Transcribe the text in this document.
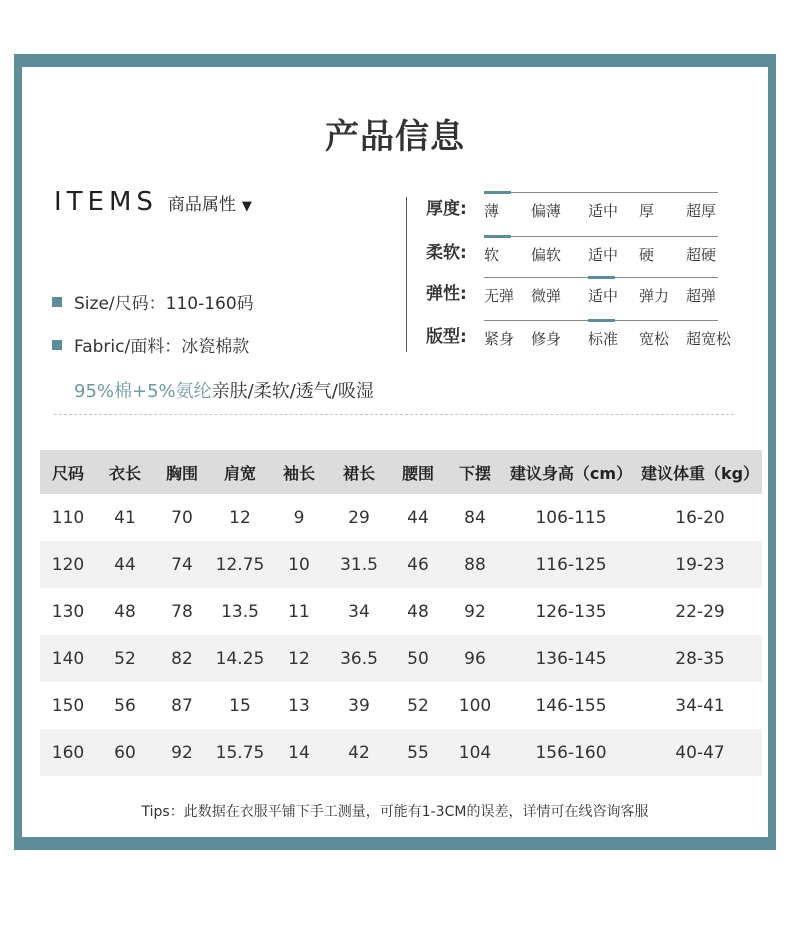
产品信息
ITEMS 商品属性 ▼
Size/尺码：110-160码
Fabric/面料：冰瓷棉款
95%棉+5%氨纶亲肤/柔软/透气/吸湿
厚度: 薄 偏薄 适中 厚 超厚
柔软: 软 偏软 适中 硬 超硬
弹性: 无弹 微弹 适中 弹力 超弹
版型: 紧身 修身 标准 宽松 超宽松
尺码	衣长	胸围	肩宽	袖长	裙长	腰围	下摆	建议身高（cm）	建议体重（kg）
110	41	70	12	9	29	44	84	106-115	16-20
120	44	74	12.75	10	31.5	46	88	116-125	19-23
130	48	78	13.5	11	34	48	92	126-135	22-29
140	52	82	14.25	12	36.5	50	96	136-145	28-35
150	56	87	15	13	39	52	100	146-155	34-41
160	60	92	15.75	14	42	55	104	156-160	40-47
Tips：此数据在衣服平铺下手工测量，可能有1-3CM的误差，详情可在线咨询客服
